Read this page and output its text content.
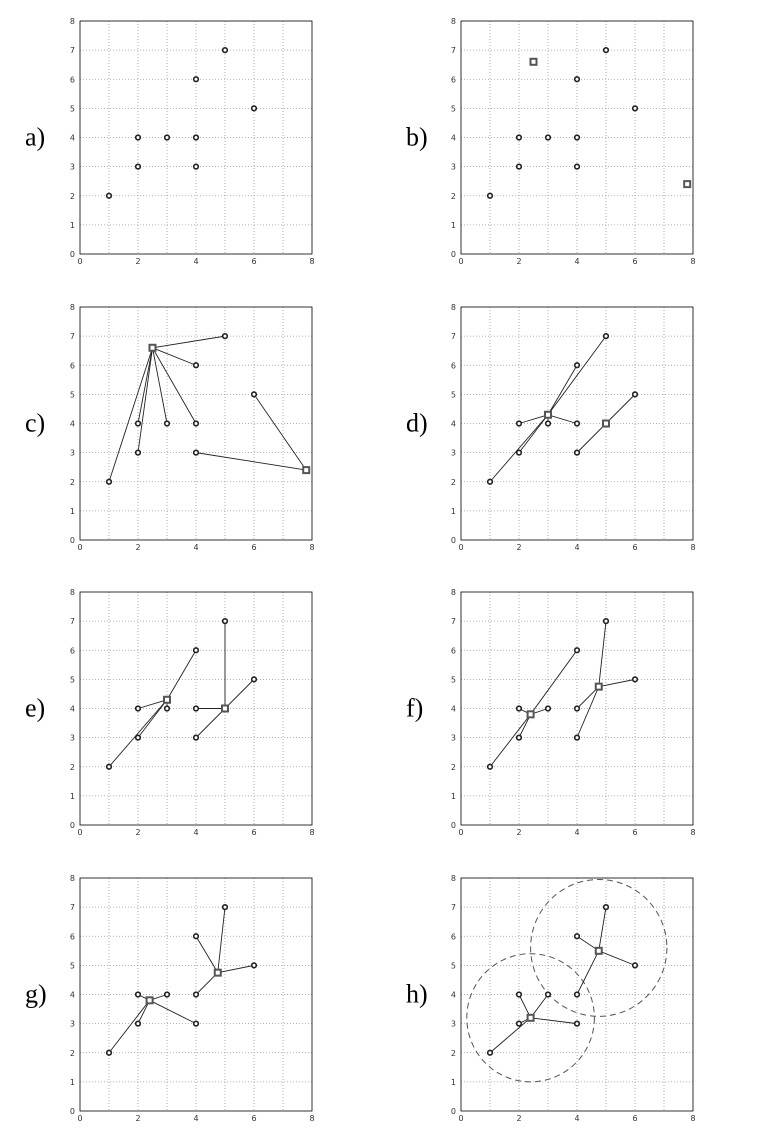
0	2	4	6	8
0
1
2
3
4
5
6
7
8
a)
0	2	4	6	8
0
1
2
3
4
5
6
7
8
b)
0	2	4	6	8
0
1
2
3
4
5
6
7
8
c)
0	2	4	6	8
0
1
2
3
4
5
6
7
8
d)
0	2	4	6	8
0
1
2
3
4
5
6
7
8
e)
0	2	4	6	8
0
1
2
3
4
5
6
7
8
f)
0	2	4	6	8
0
1
2
3
4
5
6
7
8
g)
0	2	4	6	8
0
1
2
3
4
5
6
7
8
h)
